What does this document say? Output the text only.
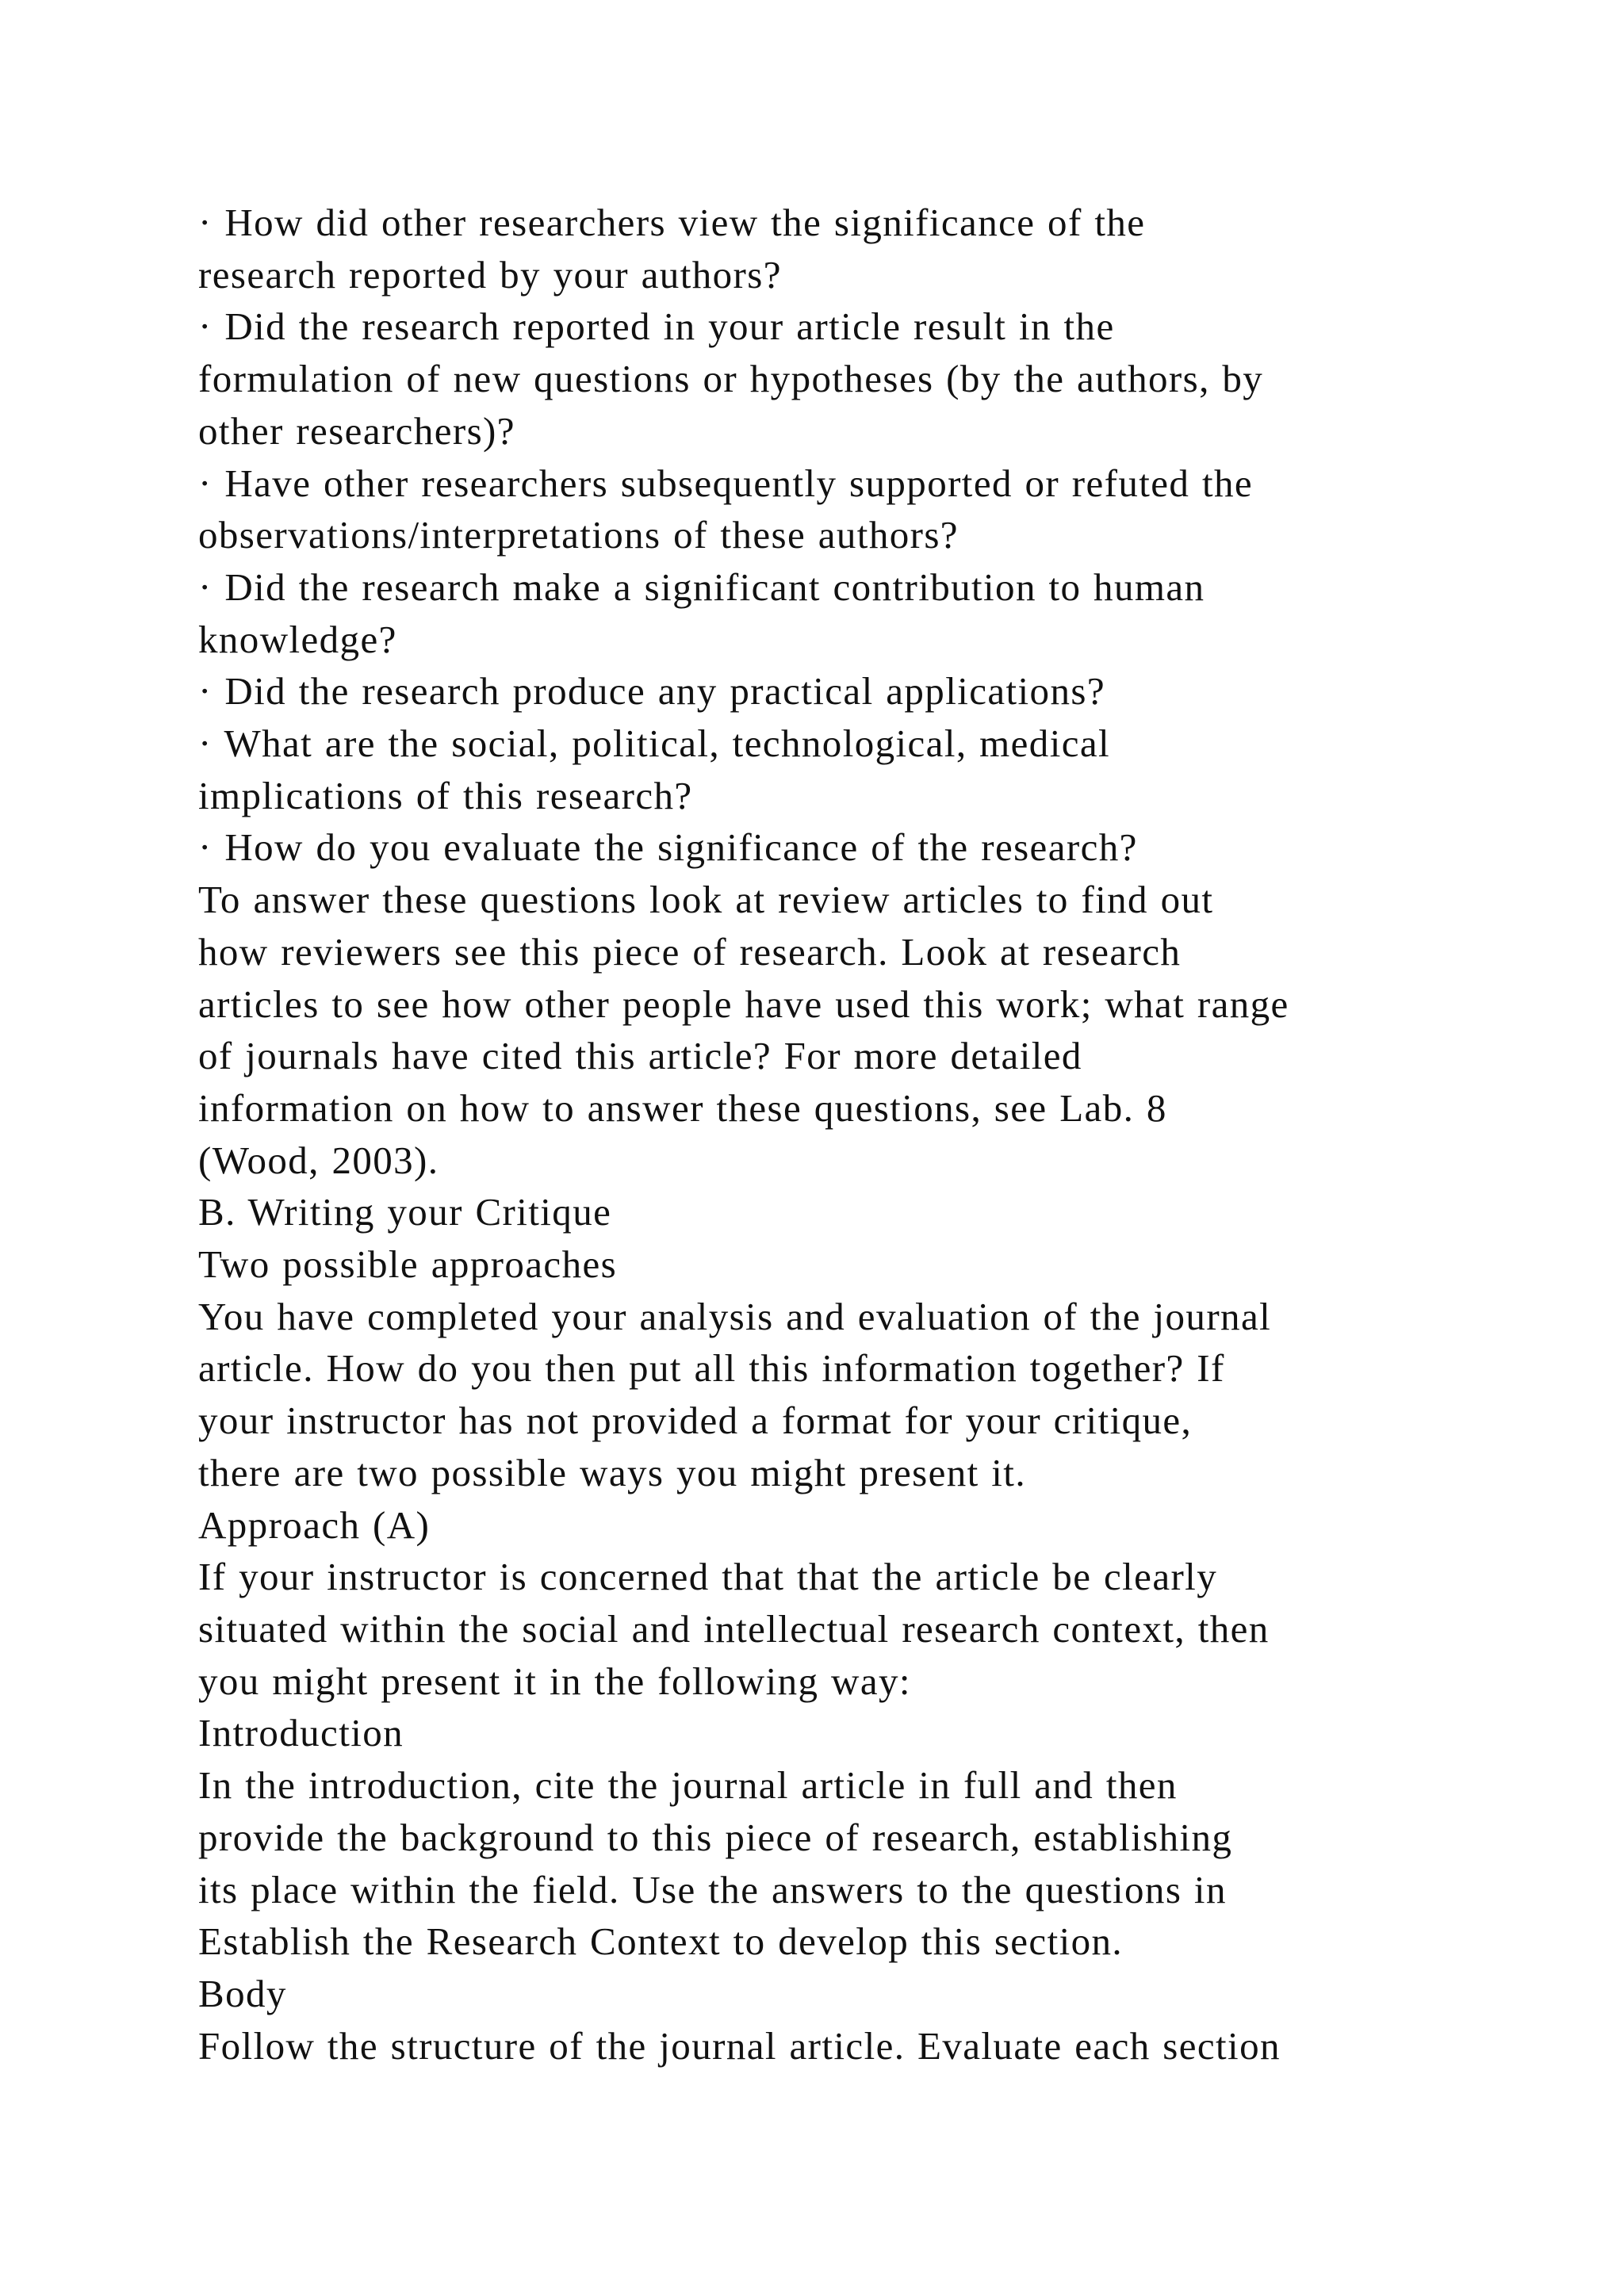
· How did other researchers view the significance of the
research reported by your authors?
· Did the research reported in your article result in the
formulation of new questions or hypotheses (by the authors, by
other researchers)?
· Have other researchers subsequently supported or refuted the
observations/interpretations of these authors?
· Did the research make a significant contribution to human
knowledge?
· Did the research produce any practical applications?
· What are the social, political, technological, medical
implications of this research?
· How do you evaluate the significance of the research?
To answer these questions look at review articles to find out
how reviewers see this piece of research. Look at research
articles to see how other people have used this work; what range
of journals have cited this article? For more detailed
information on how to answer these questions, see Lab. 8
(Wood, 2003).
B. Writing your Critique
Two possible approaches
You have completed your analysis and evaluation of the journal
article. How do you then put all this information together? If
your instructor has not provided a format for your critique,
there are two possible ways you might present it.
Approach (A)
If your instructor is concerned that that the article be clearly
situated within the social and intellectual research context, then
you might present it in the following way:
Introduction
In the introduction, cite the journal article in full and then
provide the background to this piece of research, establishing
its place within the field. Use the answers to the questions in
Establish the Research Context to develop this section.
Body
Follow the structure of the journal article. Evaluate each section
